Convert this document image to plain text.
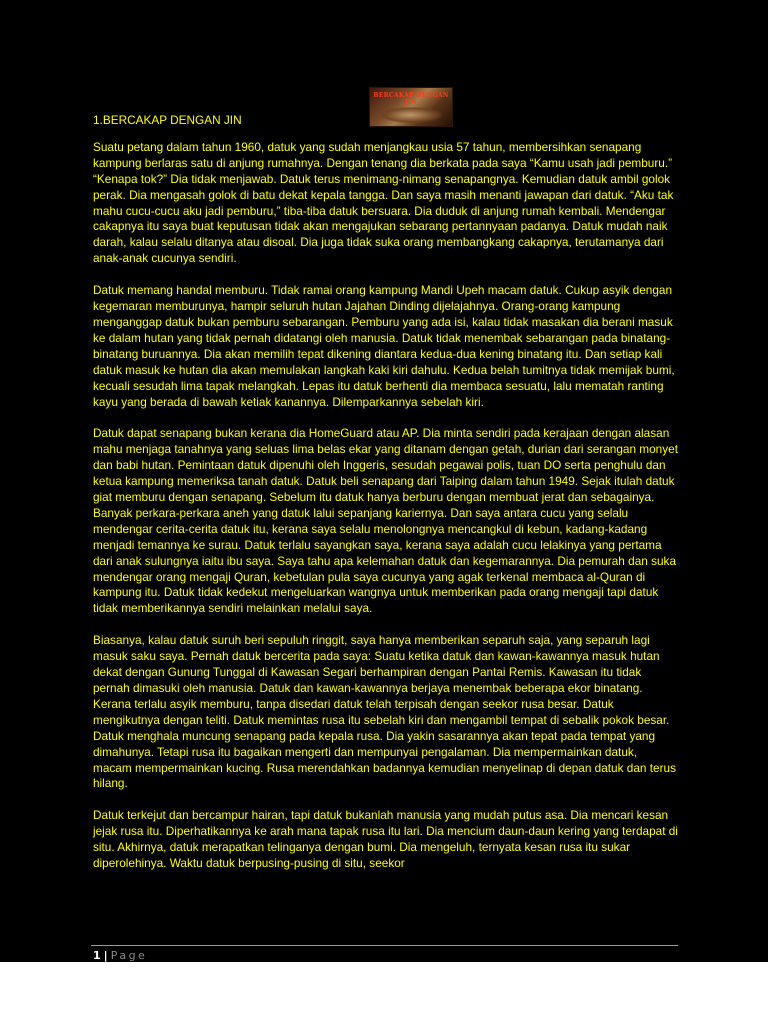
BERCAKAP DENGAN JIN

1.BERCAKAP DENGAN JIN

Suatu petang dalam tahun 1960, datuk yang sudah menjangkau usia 57 tahun, membersihkan senapang kampung berlaras satu di anjung rumahnya. Dengan tenang dia berkata pada saya “Kamu usah jadi pemburu.” “Kenapa tok?” Dia tidak menjawab. Datuk terus menimang-nimang senapangnya. Kemudian datuk ambil golok perak. Dia mengasah golok di batu dekat kepala tangga. Dan saya masih menanti jawapan dari datuk. “Aku tak mahu cucu-cucu aku jadi pemburu,” tiba-tiba datuk bersuara. Dia duduk di anjung rumah kembali. Mendengar cakapnya itu saya buat keputusan tidak akan mengajukan sebarang pertannyaan padanya. Datuk mudah naik darah, kalau selalu ditanya atau disoal. Dia juga tidak suka orang membangkang cakapnya, terutamanya dari anak-anak cucunya sendiri.

Datuk memang handal memburu. Tidak ramai orang kampung Mandi Upeh macam datuk. Cukup asyik dengan kegemaran memburunya, hampir seluruh hutan Jajahan Dinding dijelajahnya. Orang-orang kampung menganggap datuk bukan pemburu sebarangan. Pemburu yang ada isi, kalau tidak masakan dia berani masuk ke dalam hutan yang tidak pernah didatangi oleh manusia. Datuk tidak menembak sebarangan pada binatang-binatang buruannya. Dia akan memilih tepat dikening diantara kedua-dua kening binatang itu. Dan setiap kali datuk masuk ke hutan dia akan memulakan langkah kaki kiri dahulu. Kedua belah tumitnya tidak memijak bumi, kecuali sesudah lima tapak melangkah. Lepas itu datuk berhenti dia membaca sesuatu, lalu mematah ranting kayu yang berada di bawah ketiak kanannya. Dilemparkannya sebelah kiri.

Datuk dapat senapang bukan kerana dia HomeGuard atau AP. Dia minta sendiri pada kerajaan dengan alasan mahu menjaga tanahnya yang seluas lima belas ekar yang ditanam dengan getah, durian dari serangan monyet dan babi hutan. Pemintaan datuk dipenuhi oleh Inggeris, sesudah pegawai polis, tuan DO serta penghulu dan ketua kampung memeriksa tanah datuk. Datuk beli senapang dari Taiping dalam tahun 1949. Sejak itulah datuk giat memburu dengan senapang. Sebelum itu datuk hanya berburu dengan membuat jerat dan sebagainya. Banyak perkara-perkara aneh yang datuk lalui sepanjang kariernya. Dan saya antara cucu yang selalu mendengar cerita-cerita datuk itu, kerana saya selalu menolongnya mencangkul di kebun, kadang-kadang menjadi temannya ke surau. Datuk terlalu sayangkan saya, kerana saya adalah cucu lelakinya yang pertama dari anak sulungnya iaitu ibu saya. Saya tahu apa kelemahan datuk dan kegemarannya. Dia pemurah dan suka mendengar orang mengaji Quran, kebetulan pula saya cucunya yang agak terkenal membaca al-Quran di kampung itu. Datuk tidak kedekut mengeluarkan wangnya untuk memberikan pada orang mengaji tapi datuk tidak memberikannya sendiri melainkan melalui saya.

Biasanya, kalau datuk suruh beri sepuluh ringgit, saya hanya memberikan separuh saja, yang separuh lagi masuk saku saya. Pernah datuk bercerita pada saya: Suatu ketika datuk dan kawan-kawannya masuk hutan dekat dengan Gunung Tunggal di Kawasan Segari berhampiran dengan Pantai Remis. Kawasan itu tidak pernah dimasuki oleh manusia. Datuk dan kawan-kawannya berjaya menembak beberapa ekor binatang. Kerana terlalu asyik memburu, tanpa disedari datuk telah terpisah dengan seekor rusa besar. Datuk mengikutnya dengan teliti. Datuk memintas rusa itu sebelah kiri dan mengambil tempat di sebalik pokok besar. Datuk menghala muncung senapang pada kepala rusa. Dia yakin sasarannya akan tepat pada tempat yang dimahunya. Tetapi rusa itu bagaikan mengerti dan mempunyai pengalaman. Dia mempermainkan datuk, macam mempermainkan kucing. Rusa merendahkan badannya kemudian menyelinap di depan datuk dan terus hilang.

Datuk terkejut dan bercampur hairan, tapi datuk bukanlah manusia yang mudah putus asa. Dia mencari kesan jejak rusa itu. Diperhatikannya ke arah mana tapak rusa itu lari. Dia mencium daun-daun kering yang terdapat di situ. Akhirnya, datuk merapatkan telinganya dengan bumi. Dia mengeluh, ternyata kesan rusa itu sukar diperolehinya. Waktu datuk berpusing-pusing di situ, seekor

1 | Page
